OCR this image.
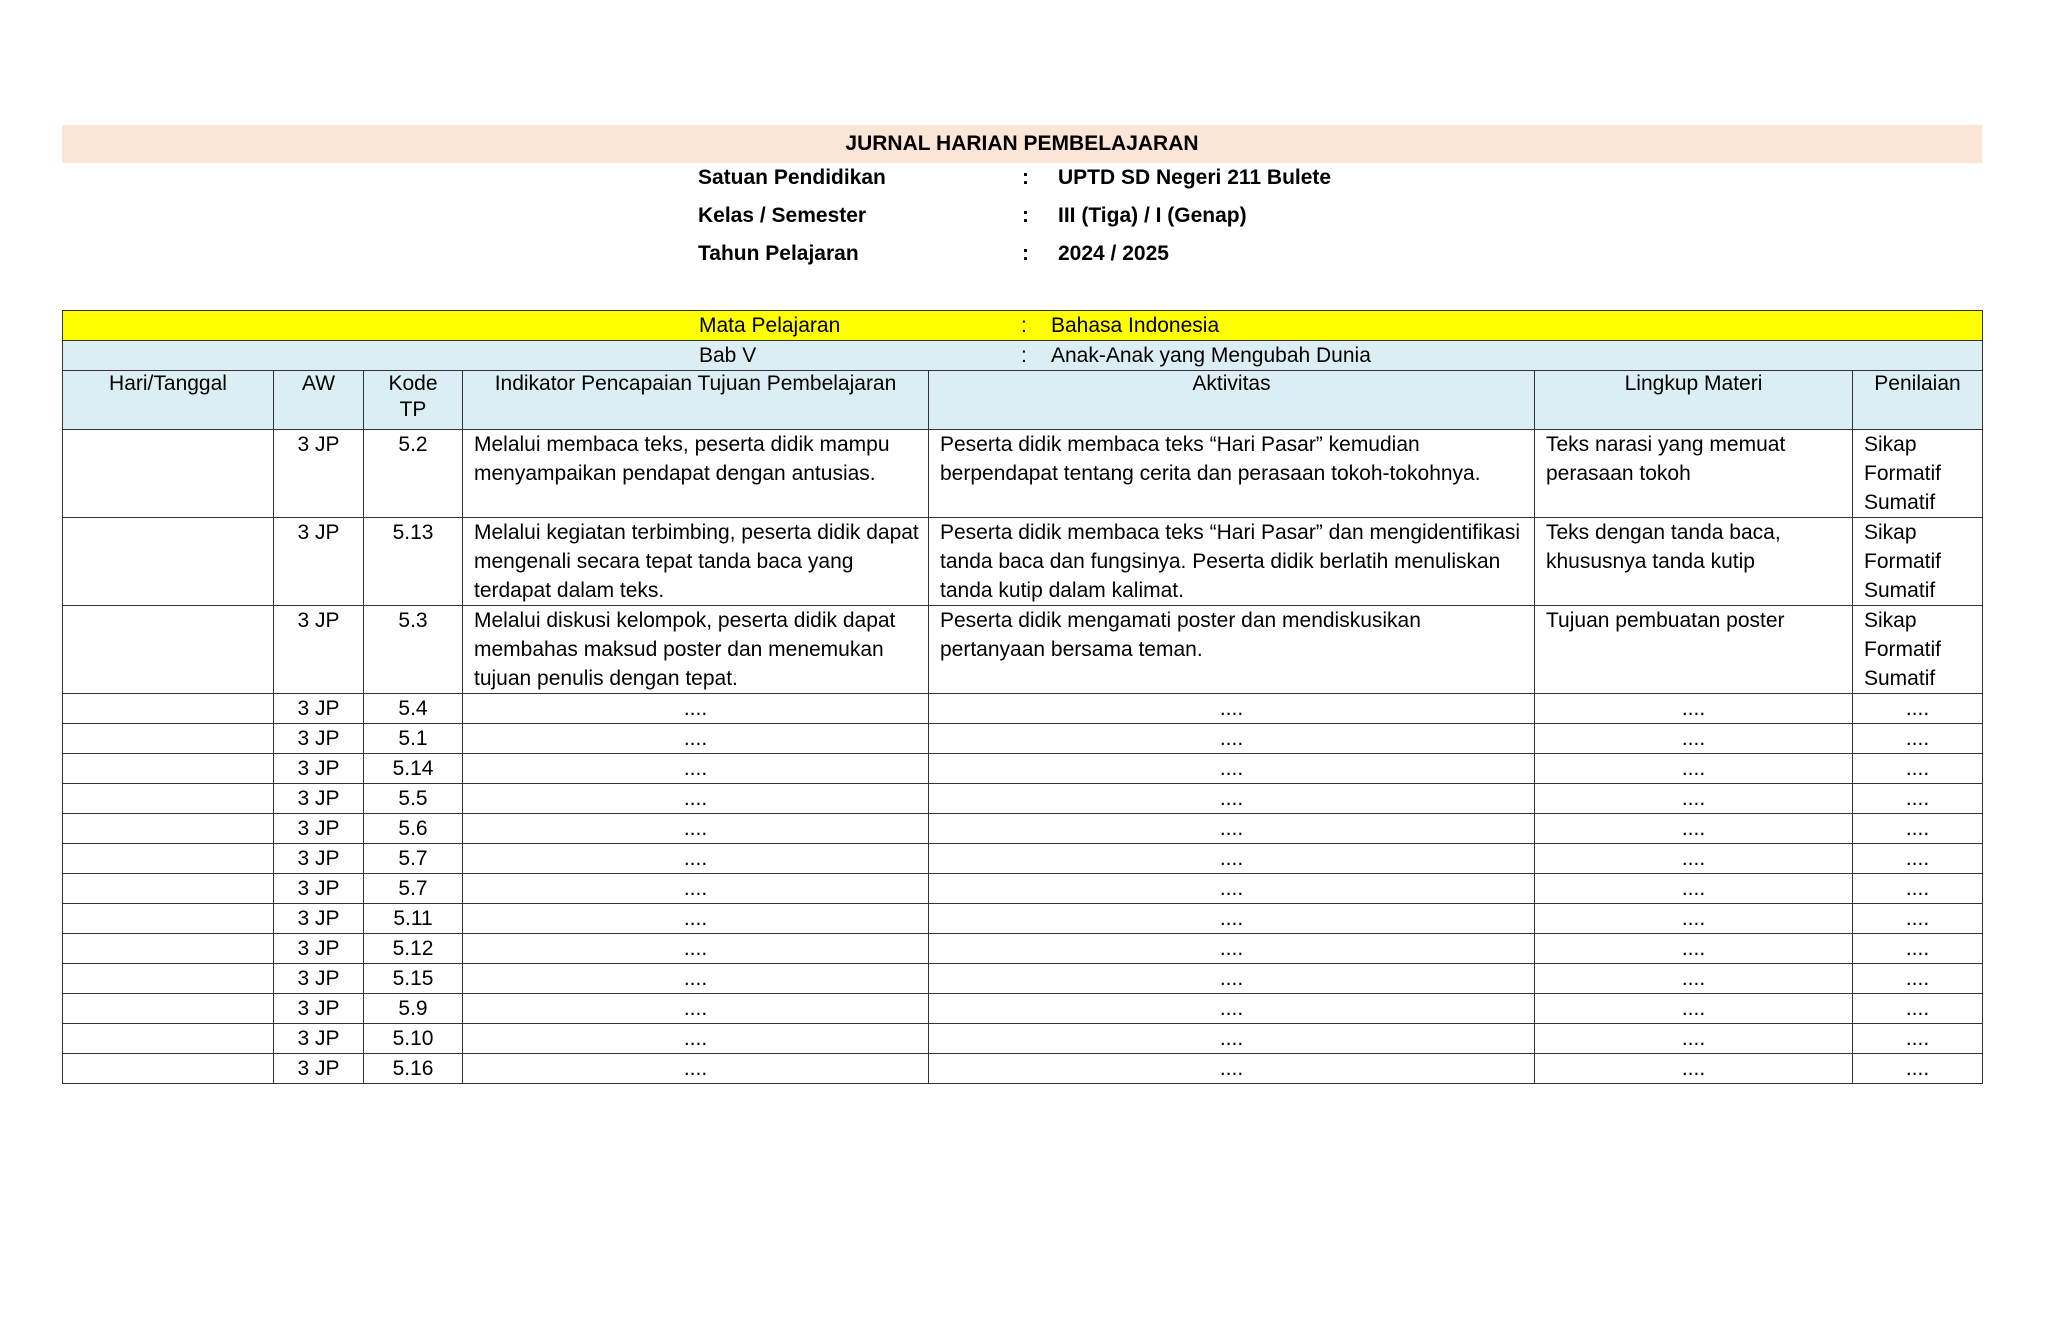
JURNAL HARIAN PEMBELAJARAN
Satuan Pendidikan	:	UPTD SD Negeri 211 Bulete
Kelas / Semester	:	III (Tiga) / I (Genap)
Tahun Pelajaran	:	2024 / 2025
Mata Pelajaran : Bahasa Indonesia						

Bab V : Anak-Anak yang Mengubah Dunia						

Hari/Tanggal	AW	Kode TP	Indikator Pencapaian Tujuan Pembelajaran	Aktivitas	Lingkup Materi	Penilaian
	3 JP	5.2	Melalui membaca teks, peserta didik mampu menyampaikan pendapat dengan antusias.	Peserta didik membaca teks “Hari Pasar” kemudian berpendapat tentang cerita dan perasaan tokoh-tokohnya.	Teks narasi yang memuat perasaan tokoh	Sikap
Formatif
Sumatif

	3 JP	5.13	Melalui kegiatan terbimbing, peserta didik dapat mengenali secara tepat tanda baca yang terdapat dalam teks.	Peserta didik membaca teks “Hari Pasar” dan mengidentifikasi tanda baca dan fungsinya. Peserta didik berlatih menuliskan tanda kutip dalam kalimat.	Teks dengan tanda baca, khususnya tanda kutip	Sikap
Formatif
Sumatif

	3 JP	5.3	Melalui diskusi kelompok, peserta didik dapat membahas maksud poster dan menemukan tujuan penulis dengan tepat.	Peserta didik mengamati poster dan mendiskusikan pertanyaan bersama teman.	Tujuan pembuatan poster	Sikap
Formatif
Sumatif

	3 JP	5.4	....	....	....	....
	3 JP	5.1	....	....	....	....
	3 JP	5.14	....	....	....	....
	3 JP	5.5	....	....	....	....
	3 JP	5.6	....	....	....	....
	3 JP	5.7	....	....	....	....
	3 JP	5.7	....	....	....	....
	3 JP	5.11	....	....	....	....
	3 JP	5.12	....	....	....	....
	3 JP	5.15	....	....	....	....
	3 JP	5.9	....	....	....	....
	3 JP	5.10	....	....	....	....
	3 JP	5.16	....	....	....	....
